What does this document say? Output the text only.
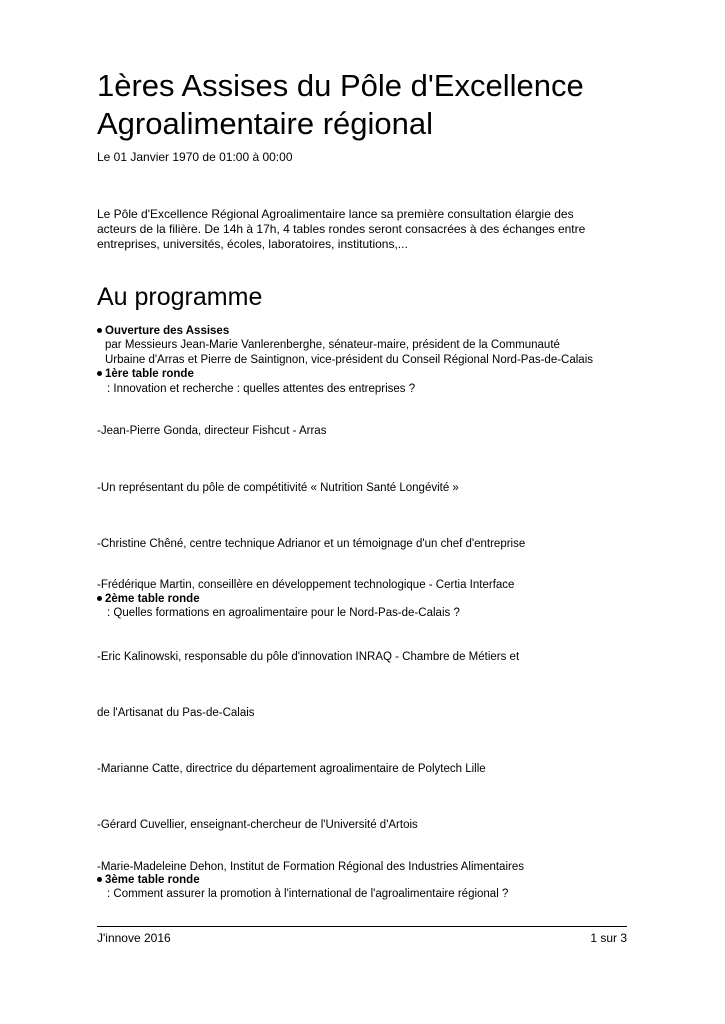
1ères Assises du Pôle d'Excellence
Agroalimentaire régional
Le 01 Janvier 1970 de 01:00 à 00:00
Le Pôle d'Excellence Régional Agroalimentaire lance sa première consultation élargie des
acteurs de la filière. De 14h à 17h, 4 tables rondes seront consacrées à des échanges entre
entreprises, universités, écoles, laboratoires, institutions,...
Au programme
Ouverture des Assises
par Messieurs Jean-Marie Vanlerenberghe, sénateur-maire, président de la Communauté
Urbaine d'Arras et Pierre de Saintignon, vice-président du Conseil Régional Nord-Pas-de-Calais
1ère table ronde
: Innovation et recherche : quelles attentes des entreprises ?
-Jean-Pierre Gonda, directeur Fishcut - Arras
-Un représentant du pôle de compétitivité « Nutrition Santé Longévité »
-Christine Chêné, centre technique Adrianor et un témoignage d'un chef d'entreprise
-Frédérique Martin, conseillère en développement technologique - Certia Interface
2ème table ronde
: Quelles formations en agroalimentaire pour le Nord-Pas-de-Calais ?
-Eric Kalinowski, responsable du pôle d'innovation INRAQ - Chambre de Métiers et
de l'Artisanat du Pas-de-Calais
-Marianne Catte, directrice du département agroalimentaire de Polytech Lille
-Gérard Cuvellier, enseignant-chercheur de l'Université d'Artois
-Marie-Madeleine Dehon, Institut de Formation Régional des Industries Alimentaires
3ème table ronde
: Comment assurer la promotion à l'international de l'agroalimentaire régional ?
J'innove 2016	1 sur 3
